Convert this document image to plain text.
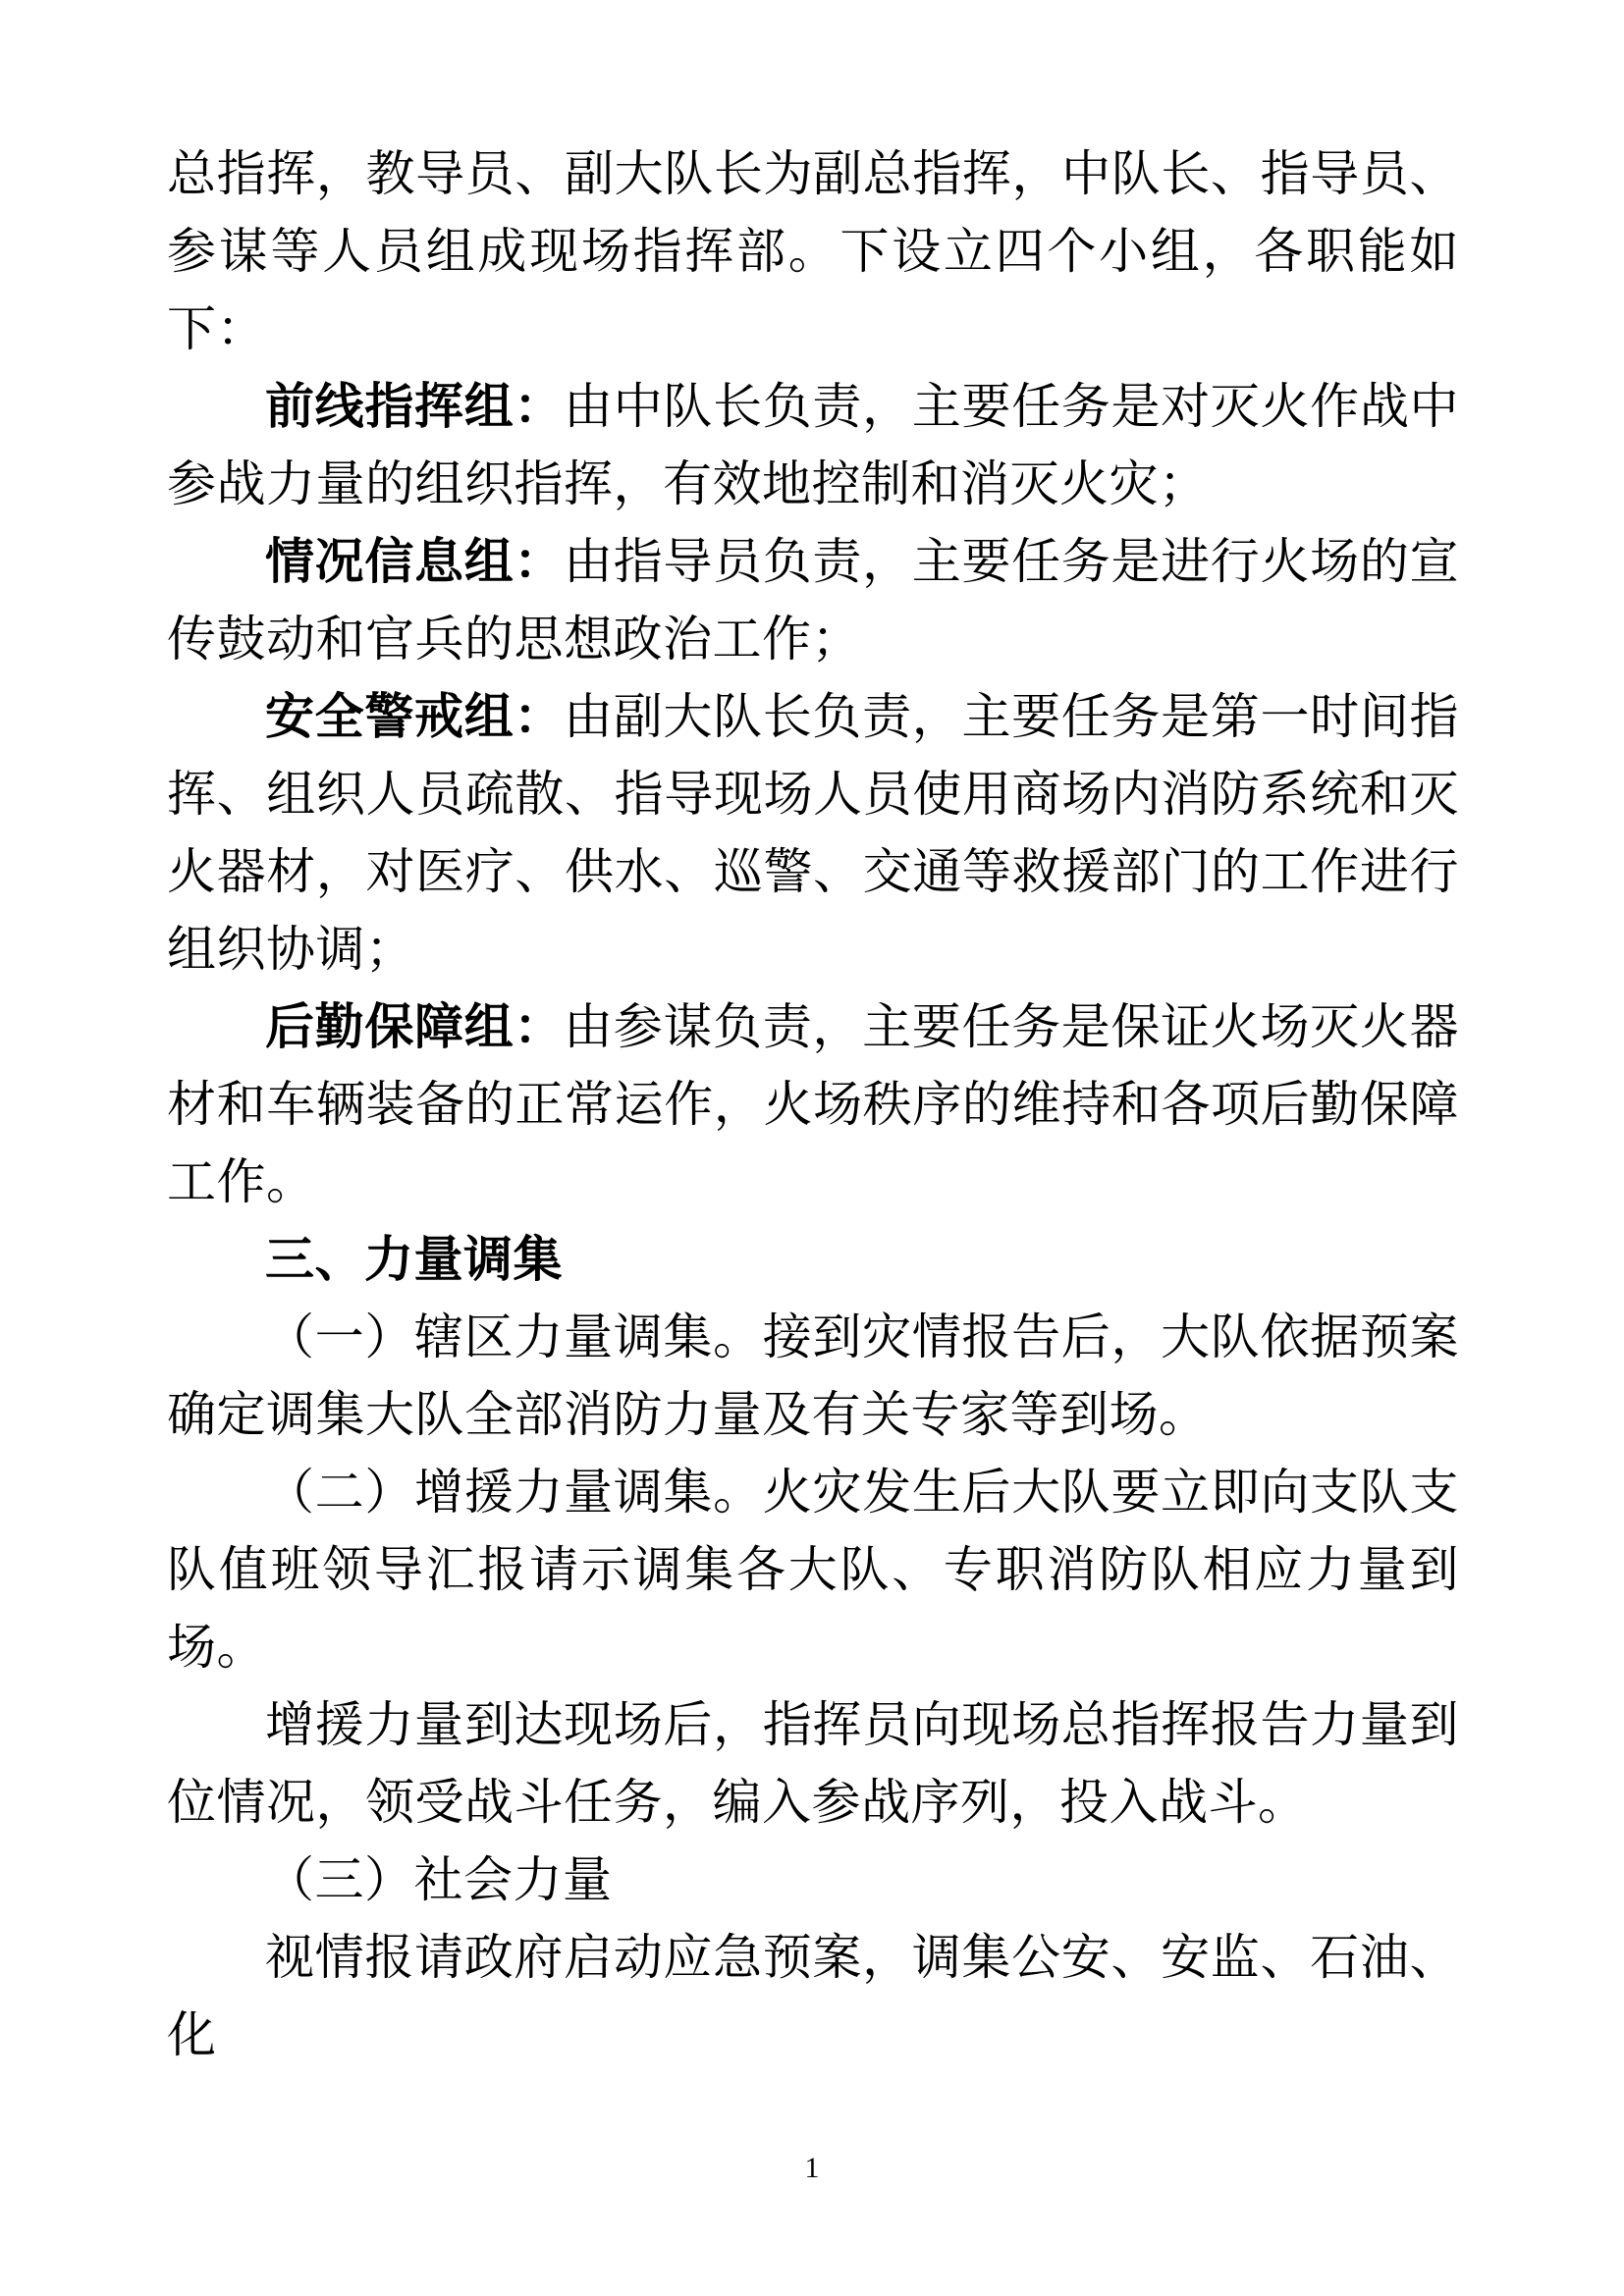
总指挥，教导员、副大队长为副总指挥，中队长、指导员、参谋等人员组成现场指挥部。下设立四个小组，各职能如下：

前线指挥组：由中队长负责，主要任务是对灭火作战中参战力量的组织指挥，有效地控制和消灭火灾；

情况信息组：由指导员负责，主要任务是进行火场的宣传鼓动和官兵的思想政治工作；

安全警戒组：由副大队长负责，主要任务是第一时间指挥、组织人员疏散、指导现场人员使用商场内消防系统和灭火器材，对医疗、供水、巡警、交通等救援部门的工作进行组织协调；

后勤保障组：由参谋负责，主要任务是保证火场灭火器材和车辆装备的正常运作，火场秩序的维持和各项后勤保障工作。

三、力量调集

（一）辖区力量调集。接到灾情报告后，大队依据预案确定调集大队全部消防力量及有关专家等到场。

（二）增援力量调集。火灾发生后大队要立即向支队支队值班领导汇报请示调集各大队、专职消防队相应力量到场。

增援力量到达现场后，指挥员向现场总指挥报告力量到位情况，领受战斗任务，编入参战序列，投入战斗。

（三）社会力量

视情报请政府启动应急预案，调集公安、安监、石油、化

1
